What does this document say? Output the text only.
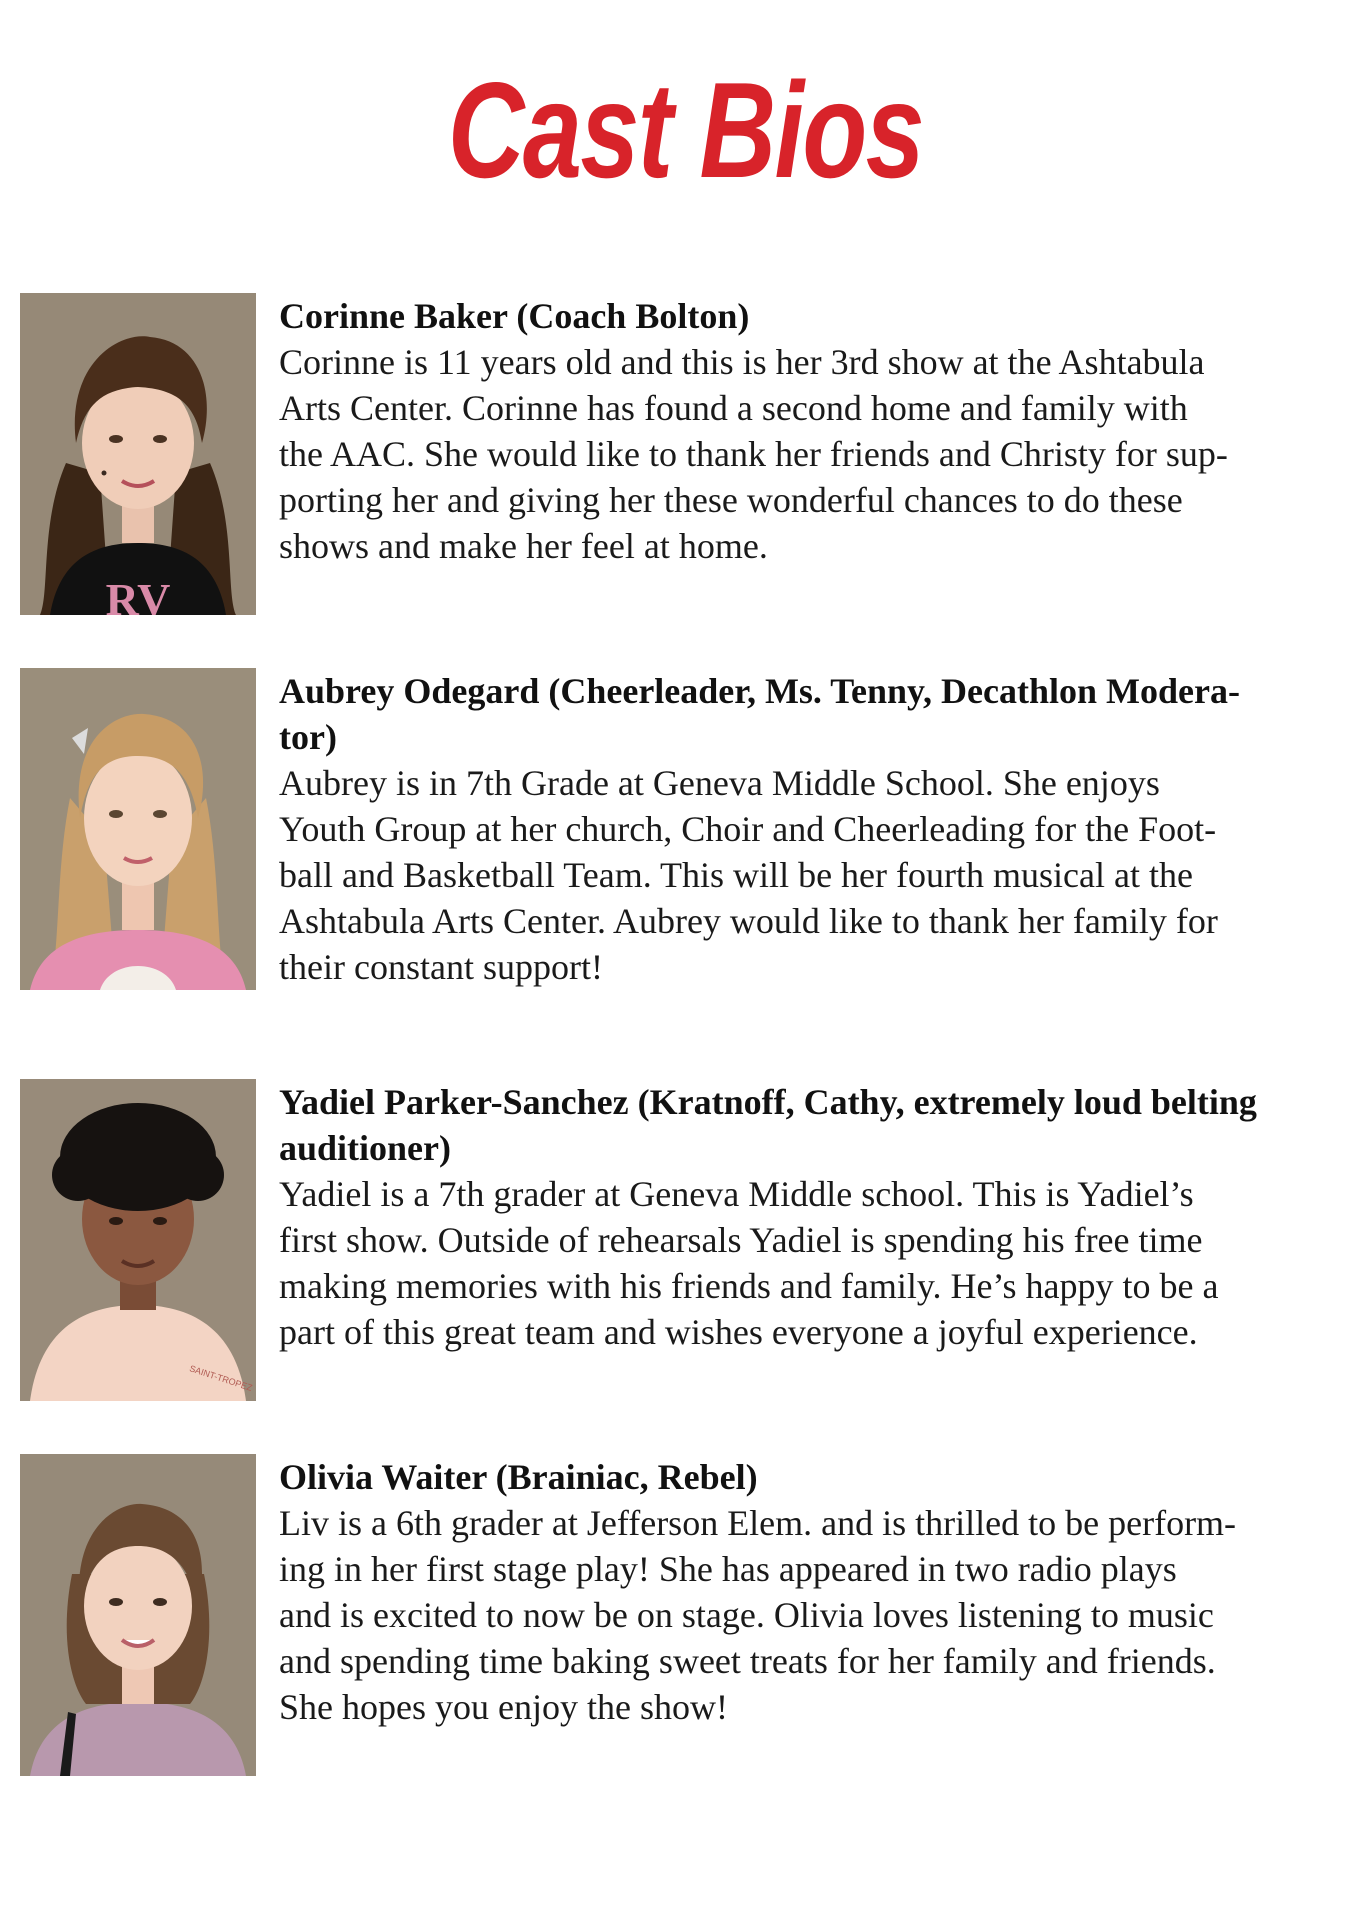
Cast Bios
RV
Corinne Baker (Coach Bolton)
Corinne is 11 years old and this is her 3rd show at the Ashtabula
Arts Center. Corinne has found a second home and family with
the AAC. She would like to thank her friends and Christy for sup-
porting her and giving her these wonderful chances to do these
shows and make her feel at home.
Aubrey Odegard (Cheerleader, Ms. Tenny, Decathlon Modera-
tor)
Aubrey is in 7th Grade at Geneva Middle School. She enjoys
Youth Group at her church, Choir and Cheerleading for the Foot-
ball and Basketball Team. This will be her fourth musical at the
Ashtabula Arts Center. Aubrey would like to thank her family for
their constant support!
SAINT-TROPEZ
Yadiel Parker-Sanchez (Kratnoff, Cathy, extremely loud belting
auditioner)
Yadiel is a 7th grader at Geneva Middle school. This is Yadiel’s
first show. Outside of rehearsals Yadiel is spending his free time
making memories with his friends and family. He’s happy to be a
part of this great team and wishes everyone a joyful experience.
Olivia Waiter (Brainiac, Rebel)
Liv is a 6th grader at Jefferson Elem. and is thrilled to be perform-
ing in her first stage play! She has appeared in two radio plays
and is excited to now be on stage. Olivia loves listening to music
and spending time baking sweet treats for her family and friends.
She hopes you enjoy the show!
